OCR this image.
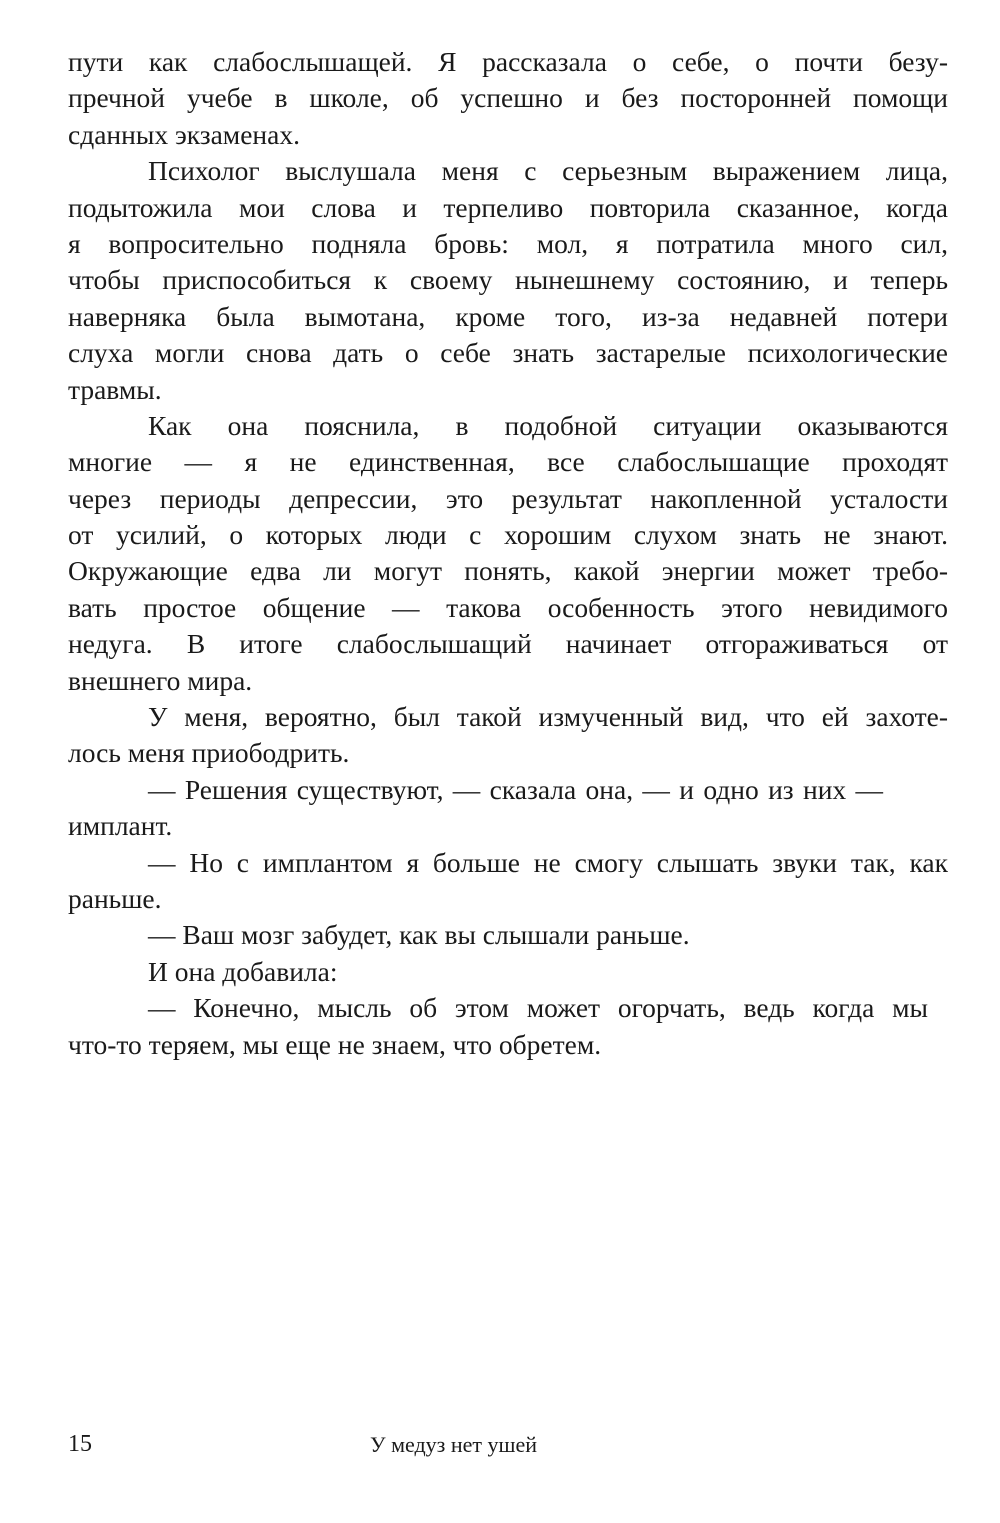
пути как слабослышащей. Я рассказала о себе, о почти безу-
пречной учебе в школе, об успешно и без посторонней помощи
сданных экзаменах.
Психолог выслушала меня с серьезным выражением лица,
подытожила мои слова и терпеливо повторила сказанное, когда
я вопросительно подняла бровь: мол, я потратила много сил,
чтобы приспособиться к своему нынешнему состоянию, и теперь
наверняка была вымотана, кроме того, из-за недавней потери
слуха могли снова дать о себе знать застарелые психологические
травмы.
Как она пояснила, в подобной ситуации оказываются
многие — я не единственная, все слабослышащие проходят
через периоды депрессии, это результат накопленной усталости
от усилий, о которых люди с хорошим слухом знать не знают.
Окружающие едва ли могут понять, какой энергии может требо-
вать простое общение — такова особенность этого невидимого
недуга. В итоге слабослышащий начинает отгораживаться от
внешнего мира.
У меня, вероятно, был такой измученный вид, что ей захоте-
лось меня приободрить.
— Решения существуют, — сказала она, — и одно из них —
имплант.
— Но с имплантом я больше не смогу слышать звуки так, как
раньше.
— Ваш мозг забудет, как вы слышали раньше.
И она добавила:
— Конечно, мысль об этом может огорчать, ведь когда мы
что-то теряем, мы еще не знаем, что обретем.
15	У медуз нет ушей
